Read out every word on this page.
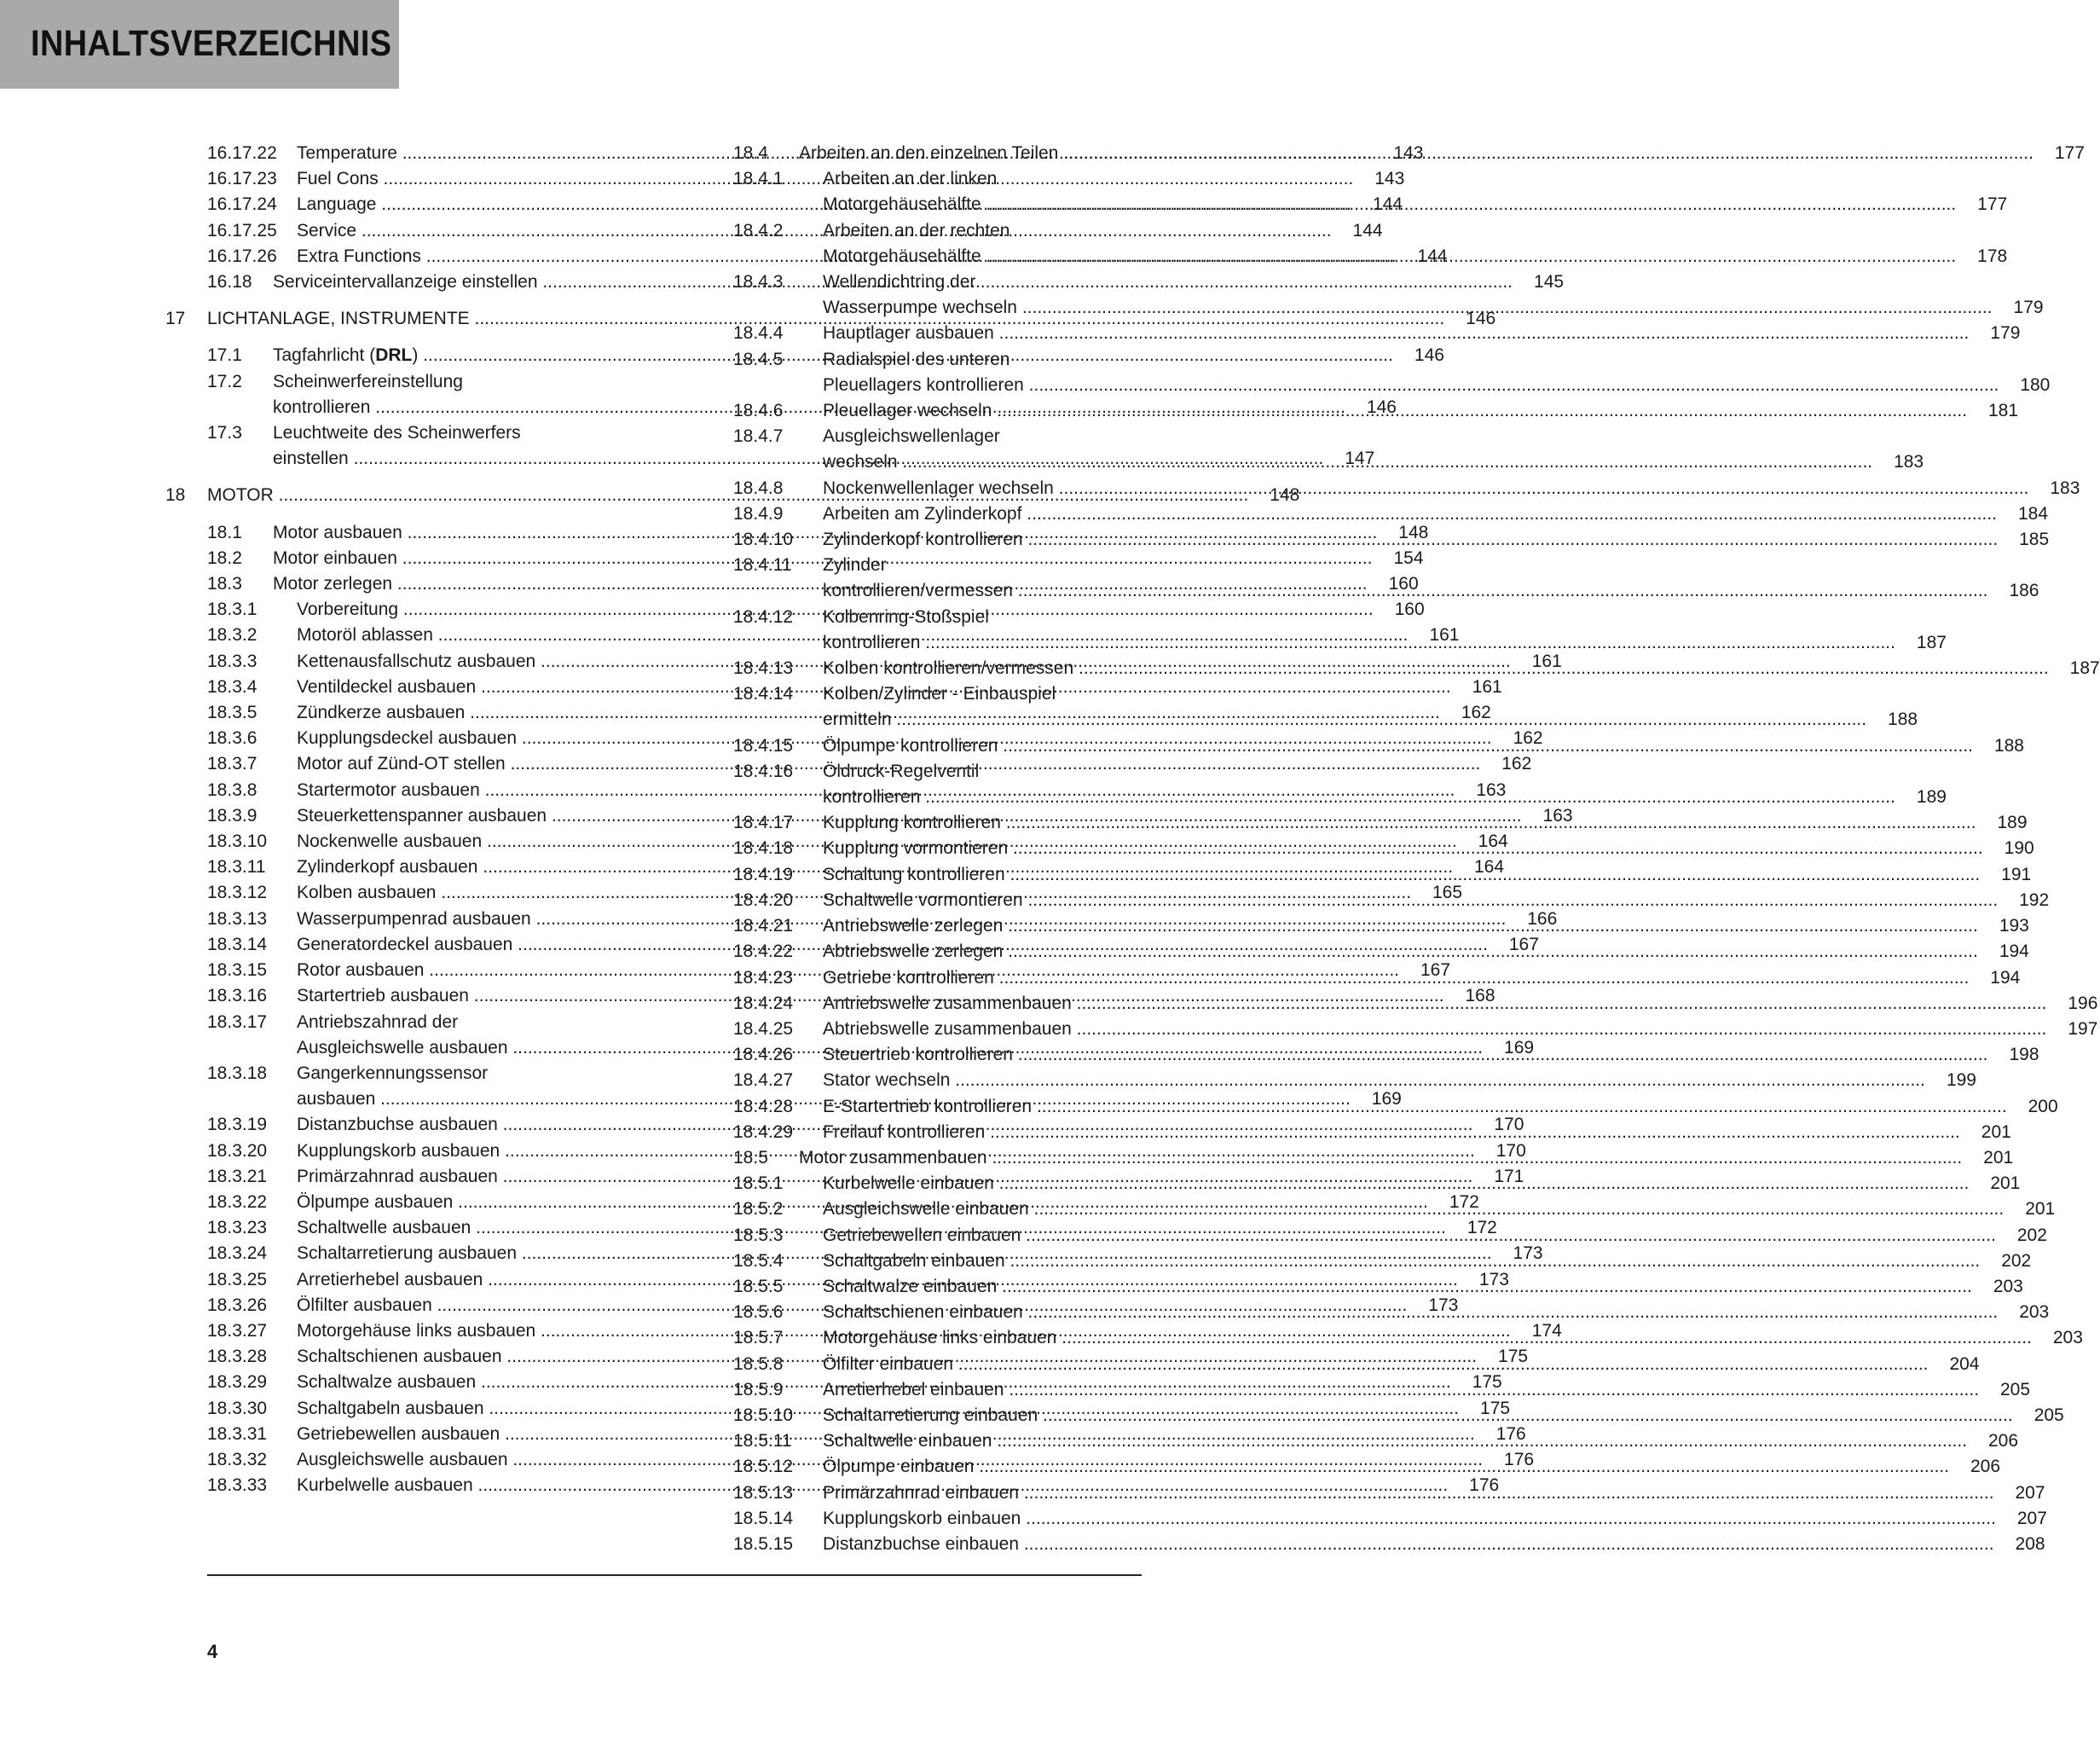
INHALTSVERZEICHNIS
16.17.22 Temperature .....	143
16.17.23 Fuel Cons .....	143
16.17.24 Language .....	144
16.17.25 Service .....	144
16.17.26 Extra Functions .....	144
16.18 Serviceintervallanzeige einstellen .....	145
17 LICHTANLAGE, INSTRUMENTE .....	146
17.1 Tagfahrlicht (DRL) .....	146
17.2 Scheinwerfereinstellung
kontrollieren .....	146
17.3 Leuchtweite des Scheinwerfers
einstellen .....	147
18 MOTOR .....	148
18.1 Motor ausbauen .....	148
18.2 Motor einbauen .....	154
18.3 Motor zerlegen .....	160
18.3.1 Vorbereitung .....	160
18.3.2 Motoröl ablassen .....	161
18.3.3 Kettenausfallschutz ausbauen .....	161
18.3.4 Ventildeckel ausbauen .....	161
18.3.5 Zündkerze ausbauen .....	162
18.3.6 Kupplungsdeckel ausbauen .....	162
18.3.7 Motor auf Zünd-OT stellen .....	162
18.3.8 Startermotor ausbauen .....	163
18.3.9 Steuerkettenspanner ausbauen .....	163
18.3.10 Nockenwelle ausbauen .....	164
18.3.11 Zylinderkopf ausbauen .....	164
18.3.12 Kolben ausbauen .....	165
18.3.13 Wasserpumpenrad ausbauen .....	166
18.3.14 Generatordeckel ausbauen .....	167
18.3.15 Rotor ausbauen .....	167
18.3.16 Startertrieb ausbauen .....	168
18.3.17 Antriebszahnrad der
Ausgleichswelle ausbauen .....	169
18.3.18 Gangerkennungssensor
ausbauen .....	169
18.3.19 Distanzbuchse ausbauen .....	170
18.3.20 Kupplungskorb ausbauen .....	170
18.3.21 Primärzahnrad ausbauen .....	171
18.3.22 Ölpumpe ausbauen .....	172
18.3.23 Schaltwelle ausbauen .....	172
18.3.24 Schaltarretierung ausbauen .....	173
18.3.25 Arretierhebel ausbauen .....	173
18.3.26 Ölfilter ausbauen .....	173
18.3.27 Motorgehäuse links ausbauen .....	174
18.3.28 Schaltschienen ausbauen .....	175
18.3.29 Schaltwalze ausbauen .....	175
18.3.30 Schaltgabeln ausbauen .....	175
18.3.31 Getriebewellen ausbauen .....	176
18.3.32 Ausgleichswelle ausbauen .....	176
18.3.33 Kurbelwelle ausbauen .....	176
18.4 Arbeiten an den einzelnen Teilen .....	177
18.4.1 Arbeiten an der linken
Motorgehäusehälfte .....	177
18.4.2 Arbeiten an der rechten
Motorgehäusehälfte .....	178
18.4.3 Wellendichtring der
Wasserpumpe wechseln .....	179
18.4.4 Hauptlager ausbauen .....	179
18.4.5 Radialspiel des unteren
Pleuellagers kontrollieren .....	180
18.4.6 Pleuellager wechseln .....	181
18.4.7 Ausgleichswellenlager
wechseln .....	183
18.4.8 Nockenwellenlager wechseln .....	183
18.4.9 Arbeiten am Zylinderkopf .....	184
18.4.10 Zylinderkopf kontrollieren .....	185
18.4.11 Zylinder
kontrollieren/vermessen .....	186
18.4.12 Kolbenring-Stoßspiel
kontrollieren .....	187
18.4.13 Kolben kontrollieren/vermessen .....	187
18.4.14 Kolben/Zylinder - Einbauspiel
ermitteln .....	188
18.4.15 Ölpumpe kontrollieren .....	188
18.4.16 Öldruck-Regelventil
kontrollieren .....	189
18.4.17 Kupplung kontrollieren .....	189
18.4.18 Kupplung vormontieren .....	190
18.4.19 Schaltung kontrollieren .....	191
18.4.20 Schaltwelle vormontieren .....	192
18.4.21 Antriebswelle zerlegen .....	193
18.4.22 Abtriebswelle zerlegen .....	194
18.4.23 Getriebe kontrollieren .....	194
18.4.24 Antriebswelle zusammenbauen .....	196
18.4.25 Abtriebswelle zusammenbauen .....	197
18.4.26 Steuertrieb kontrollieren .....	198
18.4.27 Stator wechseln .....	199
18.4.28 E-Startertrieb kontrollieren .....	200
18.4.29 Freilauf kontrollieren .....	201
18.5 Motor zusammenbauen .....	201
18.5.1 Kurbelwelle einbauen .....	201
18.5.2 Ausgleichswelle einbauen .....	201
18.5.3 Getriebewellen einbauen .....	202
18.5.4 Schaltgabeln einbauen .....	202
18.5.5 Schaltwalze einbauen .....	203
18.5.6 Schaltschienen einbauen .....	203
18.5.7 Motorgehäuse links einbauen .....	203
18.5.8 Ölfilter einbauen .....	204
18.5.9 Arretierhebel einbauen .....	205
18.5.10 Schaltarretierung einbauen .....	205
18.5.11 Schaltwelle einbauen .....	206
18.5.12 Ölpumpe einbauen .....	206
18.5.13 Primärzahnrad einbauen .....	207
18.5.14 Kupplungskorb einbauen .....	207
18.5.15 Distanzbuchse einbauen .....	208
4
